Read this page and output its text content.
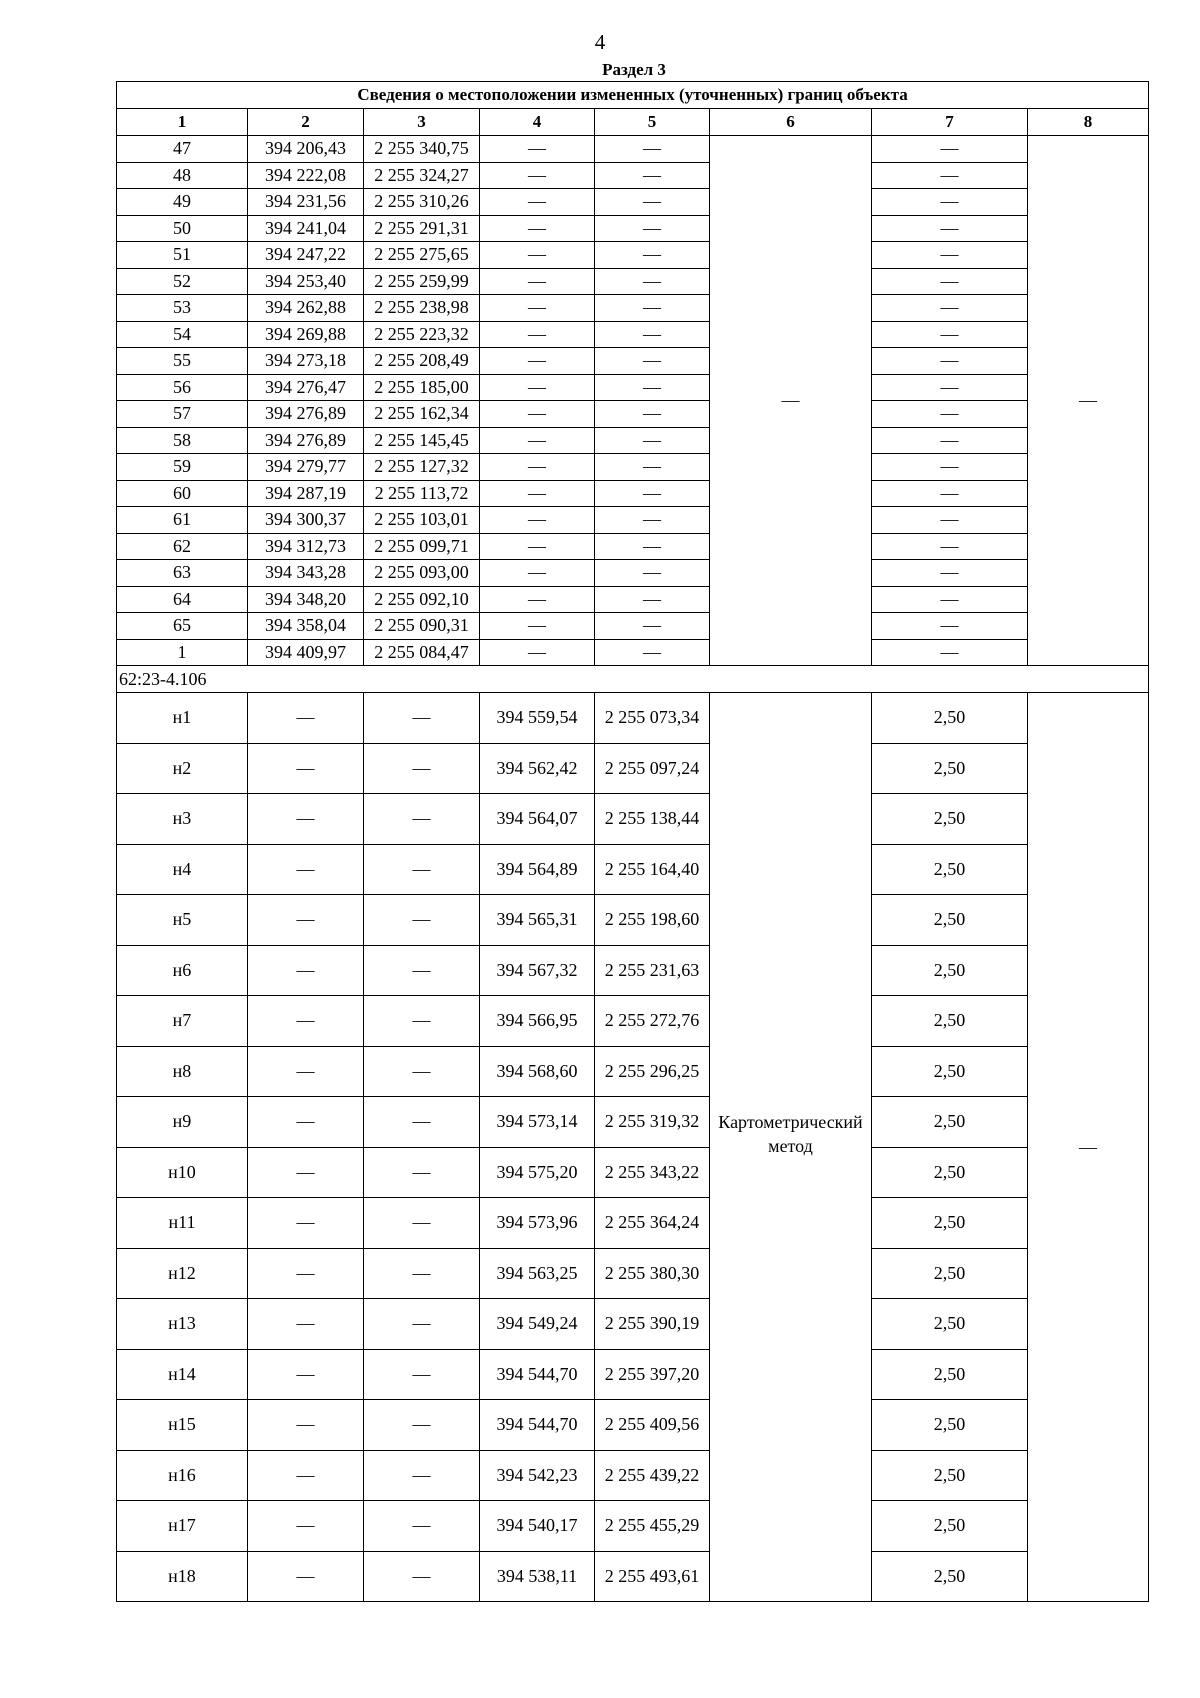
4
Раздел 3
Сведения о местоположении измененных (уточненных) границ объекта							
1	2	3	4	5	6	7	8
47	394 206,43	2 255 340,75	—	—	—	—	—
48	394 222,08	2 255 324,27	—	—		—	
49	394 231,56	2 255 310,26	—	—		—	
50	394 241,04	2 255 291,31	—	—		—	
51	394 247,22	2 255 275,65	—	—		—	
52	394 253,40	2 255 259,99	—	—		—	
53	394 262,88	2 255 238,98	—	—		—	
54	394 269,88	2 255 223,32	—	—		—	
55	394 273,18	2 255 208,49	—	—		—	
56	394 276,47	2 255 185,00	—	—		—	
57	394 276,89	2 255 162,34	—	—		—	
58	394 276,89	2 255 145,45	—	—		—	
59	394 279,77	2 255 127,32	—	—		—	
60	394 287,19	2 255 113,72	—	—		—	
61	394 300,37	2 255 103,01	—	—		—	
62	394 312,73	2 255 099,71	—	—		—	
63	394 343,28	2 255 093,00	—	—		—	
64	394 348,20	2 255 092,10	—	—		—	
65	394 358,04	2 255 090,31	—	—		—	
1	394 409,97	2 255 084,47	—	—		—	
62:23-4.106							
н1	—	—	394 559,54	2 255 073,34	Картометрический метод	2,50	—
н2	—	—	394 562,42	2 255 097,24		2,50	
н3	—	—	394 564,07	2 255 138,44		2,50	
н4	—	—	394 564,89	2 255 164,40		2,50	
н5	—	—	394 565,31	2 255 198,60		2,50	
н6	—	—	394 567,32	2 255 231,63		2,50	
н7	—	—	394 566,95	2 255 272,76		2,50	
н8	—	—	394 568,60	2 255 296,25		2,50	
н9	—	—	394 573,14	2 255 319,32		2,50	
н10	—	—	394 575,20	2 255 343,22		2,50	
н11	—	—	394 573,96	2 255 364,24		2,50	
н12	—	—	394 563,25	2 255 380,30		2,50	
н13	—	—	394 549,24	2 255 390,19		2,50	
н14	—	—	394 544,70	2 255 397,20		2,50	
н15	—	—	394 544,70	2 255 409,56		2,50	
н16	—	—	394 542,23	2 255 439,22		2,50	
н17	—	—	394 540,17	2 255 455,29		2,50	
н18	—	—	394 538,11	2 255 493,61		2,50	
